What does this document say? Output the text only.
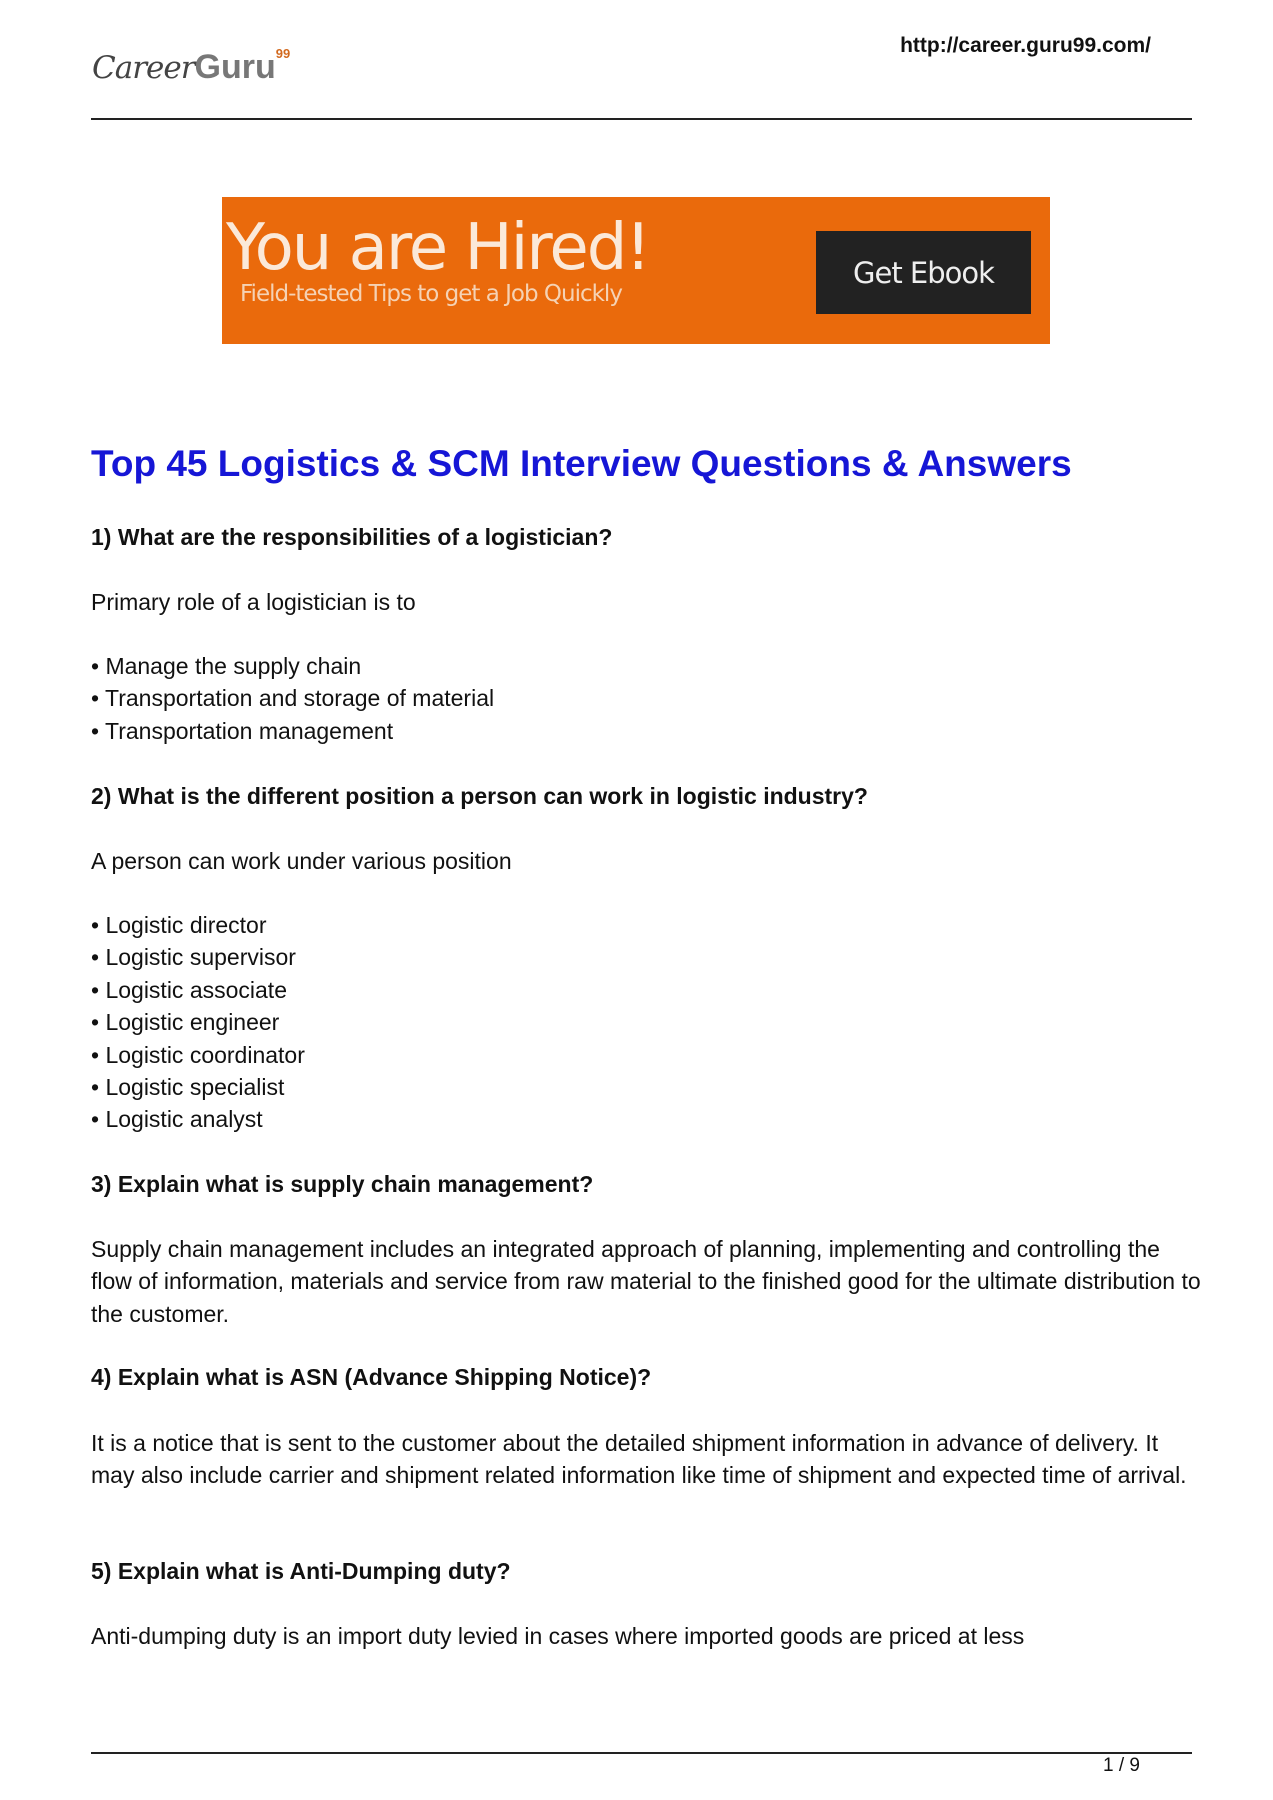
CareerGuru$^{99}$	http://career.guru99.com/
You are Hired!
Field-tested Tips to get a Job Quickly
Get Ebook
Top 45 Logistics & SCM Interview Questions & Answers
1) What are the responsibilities of a logistician?
Primary role of a logistician is to
• Manage the supply chain
• Transportation and storage of material
• Transportation management
2) What is the different position a person can work in logistic industry?
A person can work under various position
• Logistic director
• Logistic supervisor
• Logistic associate
• Logistic engineer
• Logistic coordinator
• Logistic specialist
• Logistic analyst
3) Explain what is supply chain management?
Supply chain management includes an integrated approach of planning, implementing and controlling the flow of information, materials and service from raw material to the finished good for the ultimate distribution to the customer.
4) Explain what is ASN (Advance Shipping Notice)?
It is a notice that is sent to the customer about the detailed shipment information in advance of delivery. It may also include carrier and shipment related information like time of shipment and expected time of arrival.
5) Explain what is Anti-Dumping duty?
Anti-dumping duty is an import duty levied in cases where imported goods are priced at less
1 / 9
